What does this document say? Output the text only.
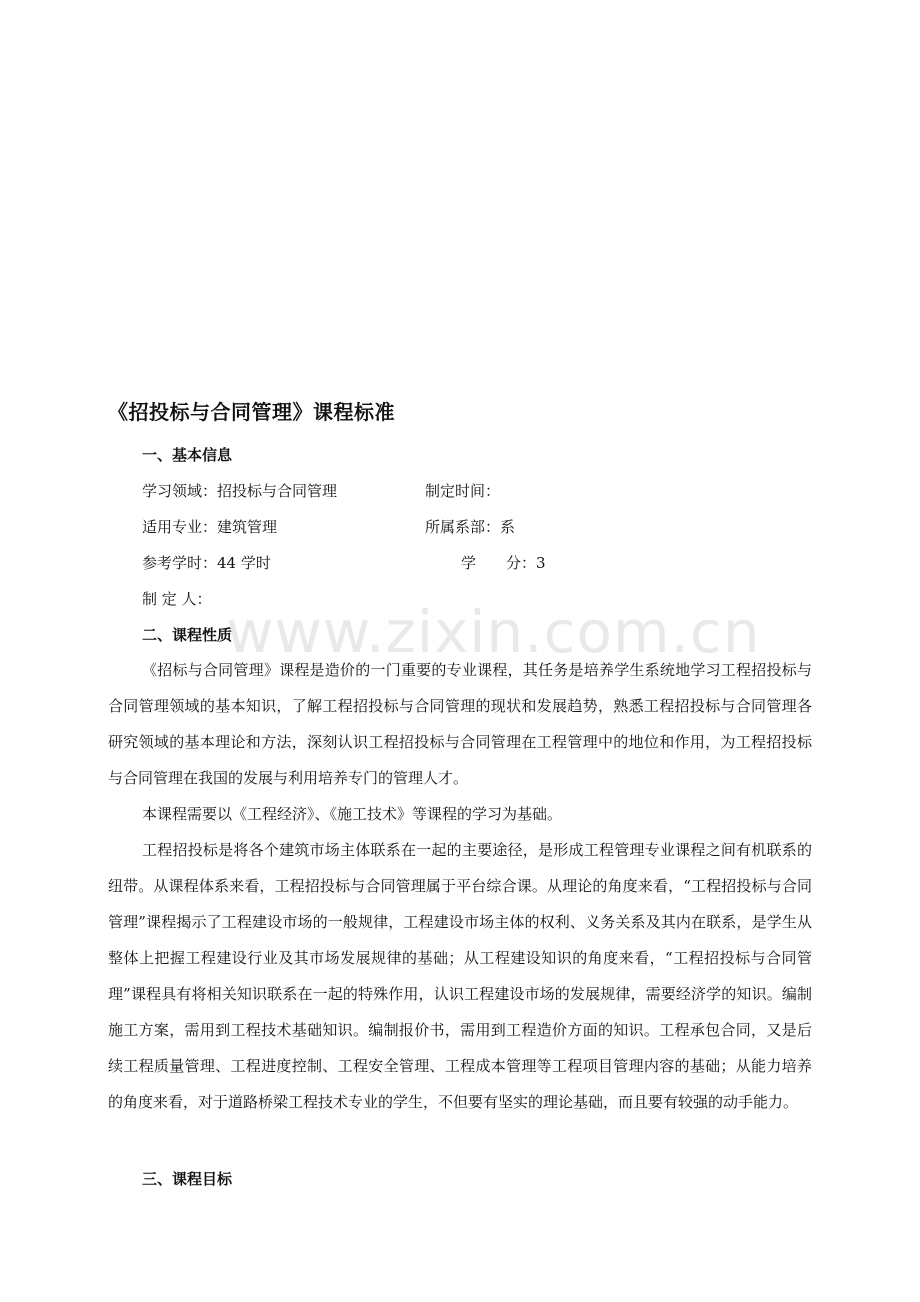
《招投标与合同管理》课程标准
一、基本信息
学习领域：招投标与合同管理	制定时间：
适用专业：建筑管理	所属系部：系
参考学时：44 学时	学　　分：3
制 定 人：
二、课程性质

《招标与合同管理》课程是造价的一门重要的专业课程，其任务是培养学生系统地学习工程招投标与合同管理领域的基本知识，了解工程招投标与合同管理的现状和发展趋势，熟悉工程招投标与合同管理各研究领域的基本理论和方法，深刻认识工程招投标与合同管理在工程管理中的地位和作用，为工程招投标与合同管理在我国的发展与利用培养专门的管理人才。

本课程需要以《工程经济》、《施工技术》等课程的学习为基础。

工程招投标是将各个建筑市场主体联系在一起的主要途径，是形成工程管理专业课程之间有机联系的纽带。从课程体系来看，工程招投标与合同管理属于平台综合课。从理论的角度来看，“工程招投标与合同管理”课程揭示了工程建设市场的一般规律，工程建设市场主体的权利、义务关系及其内在联系，是学生从整体上把握工程建设行业及其市场发展规律的基础；从工程建设知识的角度来看，“工程招投标与合同管理”课程具有将相关知识联系在一起的特殊作用，认识工程建设市场的发展规律，需要经济学的知识。编制施工方案，需用到工程技术基础知识。编制报价书，需用到工程造价方面的知识。工程承包合同，又是后续工程质量管理、工程进度控制、工程安全管理、工程成本管理等工程项目管理内容的基础；从能力培养的角度来看，对于道路桥梁工程技术专业的学生，不但要有坚实的理论基础，而且要有较强的动手能力。

三、课程目标
www.zixin.com.cn
